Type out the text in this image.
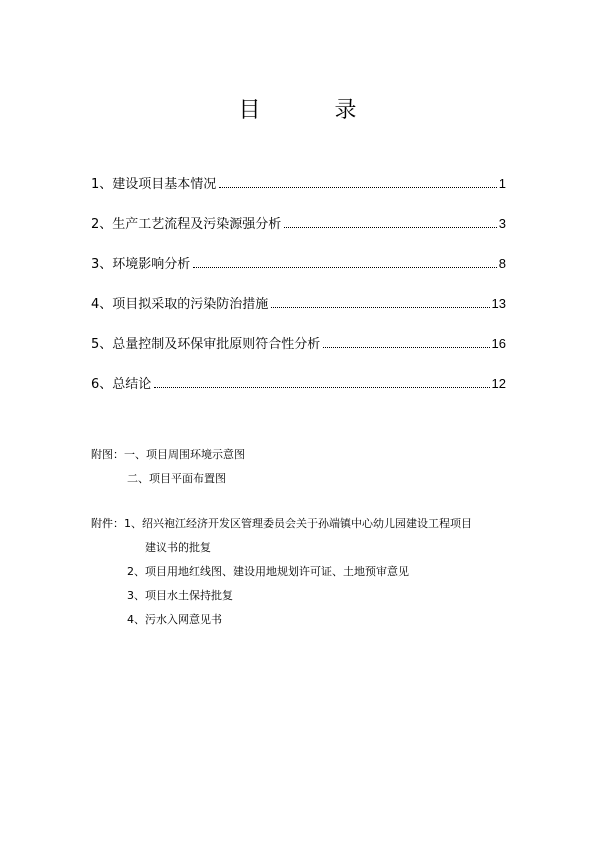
目　录
1、建设项目基本情况	1
2、生产工艺流程及污染源强分析	3
3、环境影响分析	8
4、项目拟采取的污染防治措施	13
5、总量控制及环保审批原则符合性分析	16
6、总结论	12
附图：一、项目周围环境示意图
二、项目平面布置图
附件： 1、绍兴袍江经济开发区管理委员会关于孙端镇中心幼儿园建设工程项目
建议书的批复
2、项目用地红线图、建设用地规划许可证、土地预审意见
3、项目水土保持批复
4、污水入网意见书
